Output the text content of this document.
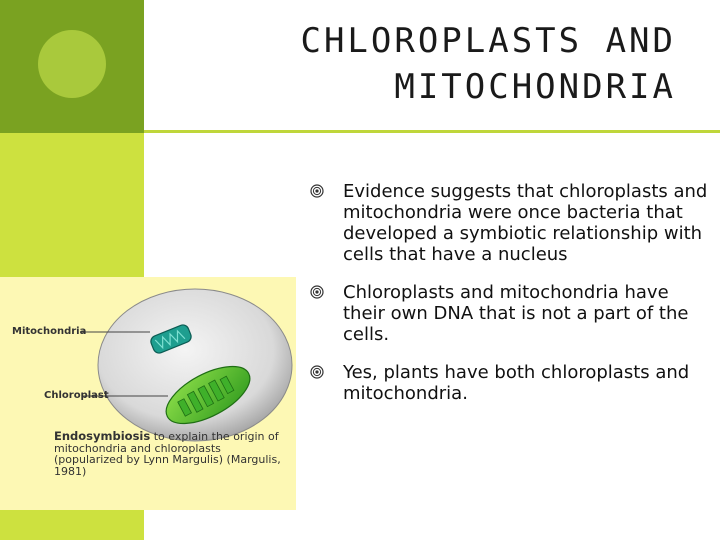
CHLOROPLASTS AND
MITOCHONDRIA
Evidence suggests that chloroplasts and mitochondria were once bacteria that developed a symbiotic relationship with cells that have a nucleus
Chloroplasts and mitochondria have their own DNA that is not a part of the cells.
Yes, plants have both chloroplasts and mitochondria.
Mitochondria
Chloroplast
Endosymbiosis to explain the origin of mitochondria and chloroplasts (popularized by Lynn Margulis) (Margulis, 1981)
